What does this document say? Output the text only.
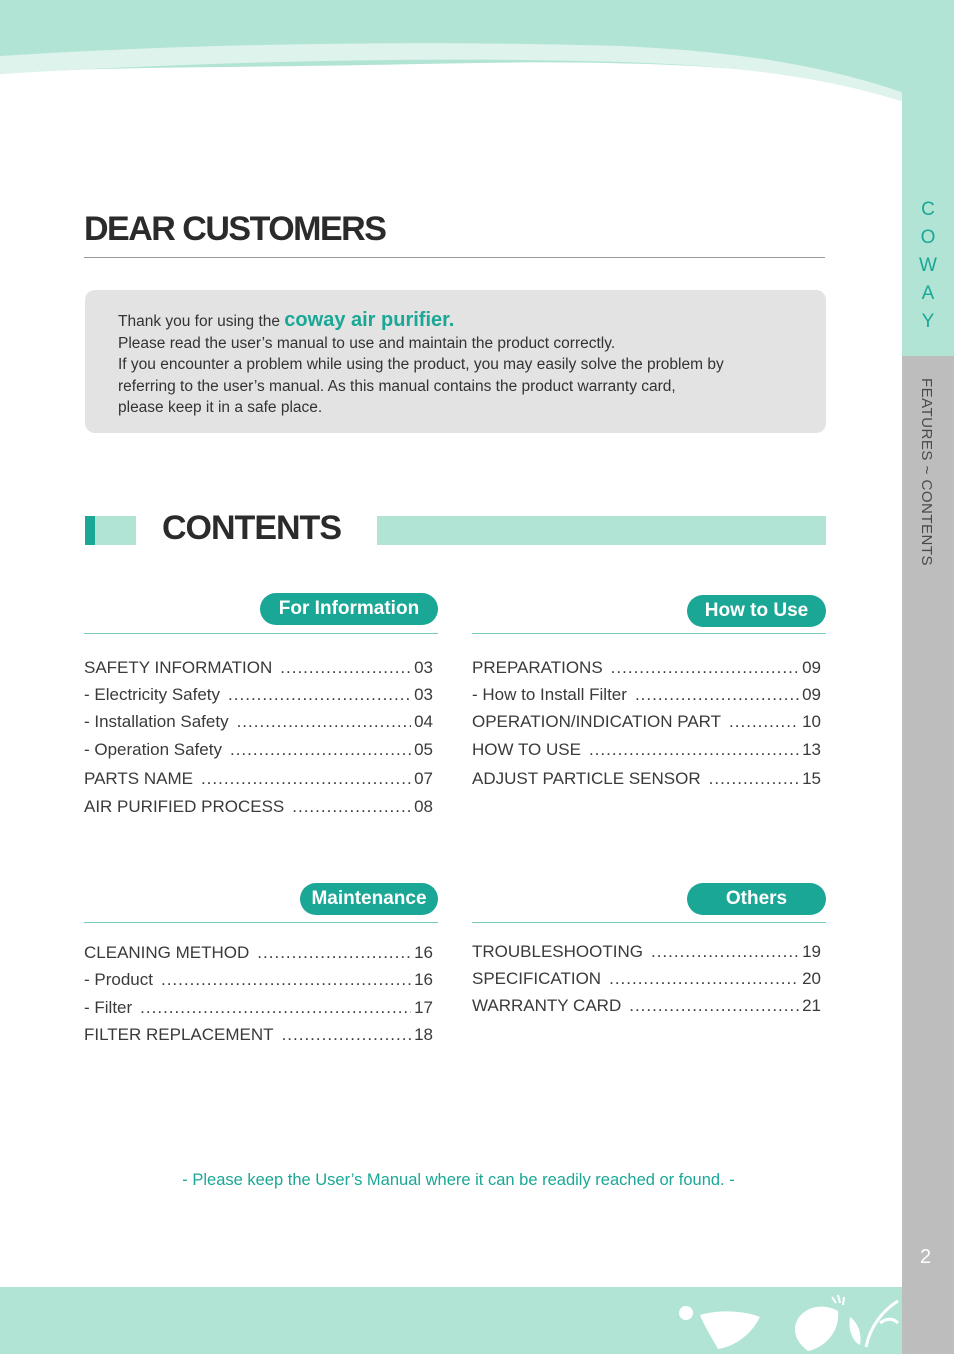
C
O
W
A
Y
FEATURES ~ CONTENTS
2
DEAR CUSTOMERS
Thank you for using the coway air purifier.
Please read the user’s manual to use and maintain the product correctly.
If you encounter a problem while using the product, you may easily solve the problem by
referring to the user’s manual. As this manual contains the product warranty card,
please keep it in a safe place.
CONTENTS
For Information
SAFETY INFORMATION .....	03
- Electricity Safety .....	03
- Installation Safety .....	04
- Operation Safety .....	05
PARTS NAME .....	07
AIR PURIFIED PROCESS .....	08
How to Use
PREPARATIONS .....	09
- How to Install Filter .....	09
OPERATION/INDICATION PART .....	10
HOW TO USE .....	13
ADJUST PARTICLE SENSOR .....	15
Maintenance
CLEANING METHOD .....	16
- Product .....	16
- Filter .....	17
FILTER REPLACEMENT .....	18
Others
TROUBLESHOOTING .....	19
SPECIFICATION .....	20
WARRANTY CARD .....	21
- Please keep the User’s Manual where it can be readily reached or found. -
